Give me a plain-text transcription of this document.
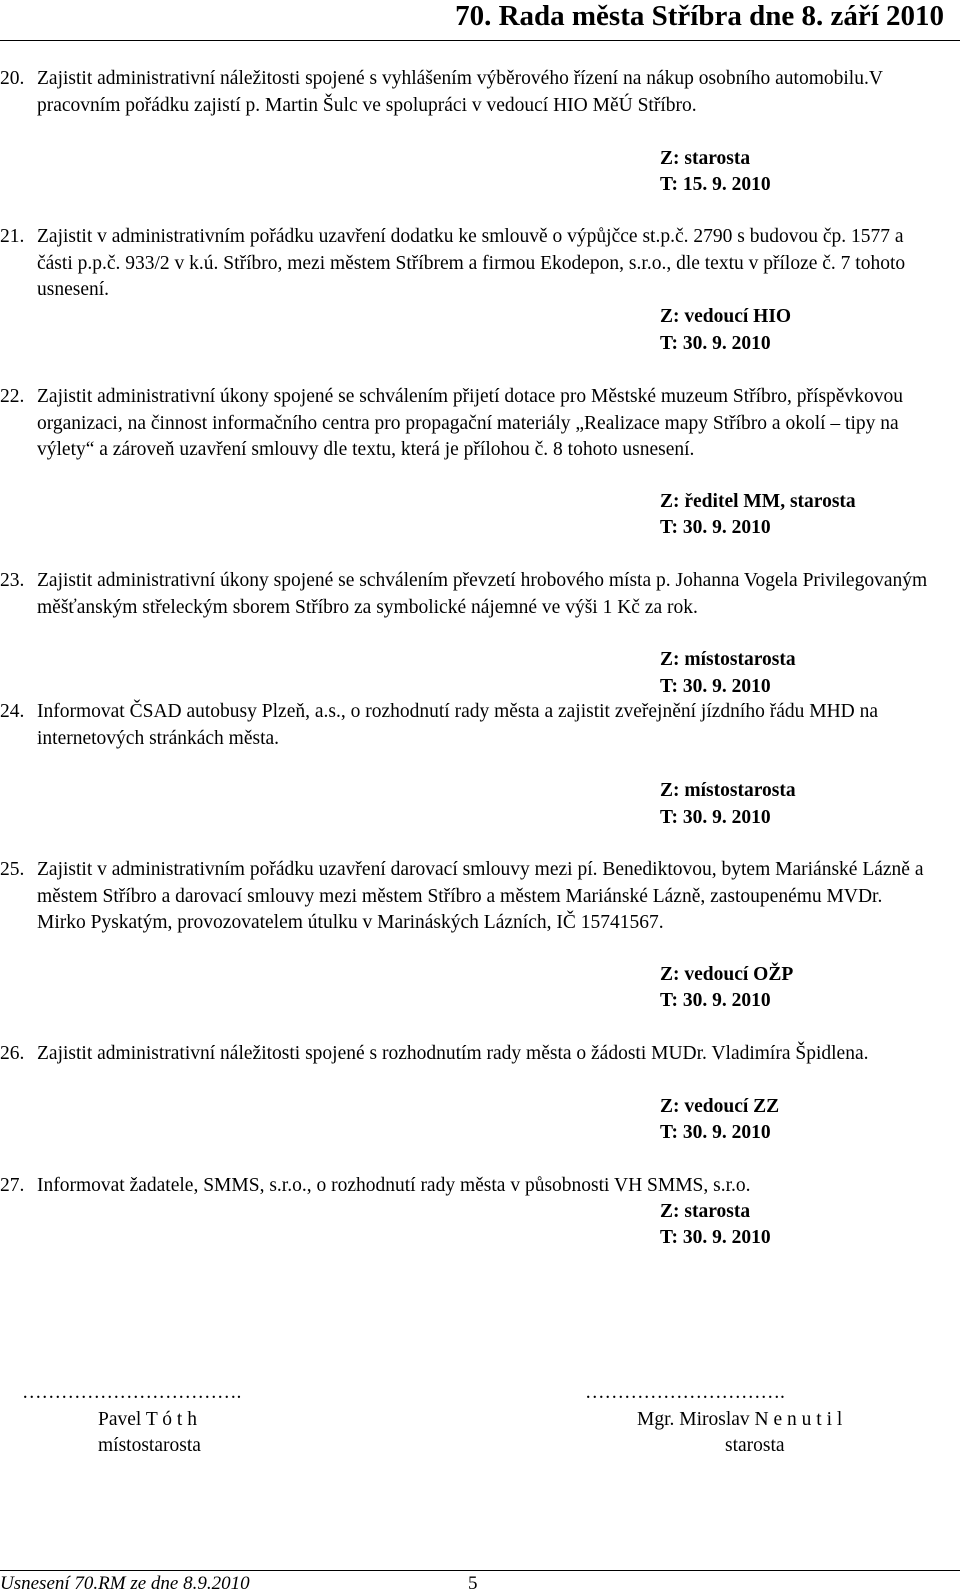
70. Rada města Stříbra dne 8. září 2010
20. Zajistit administrativní náležitosti spojené s vyhlášením výběrového řízení na nákup osobního automobilu.V pracovním pořádku zajistí p. Martin Šulc ve spolupráci v vedoucí HIO MěÚ Stříbro.
Z: starosta
T: 15. 9. 2010
21. Zajistit v administrativním pořádku uzavření dodatku ke smlouvě o výpůjčce st.p.č. 2790 s budovou čp. 1577 a části p.p.č. 933/2 v k.ú. Stříbro, mezi městem Stříbrem a firmou Ekodepon, s.r.o., dle textu v příloze č. 7 tohoto usnesení.
Z: vedoucí HIO
T: 30. 9. 2010
22. Zajistit administrativní úkony spojené se schválením přijetí dotace pro Městské muzeum Stříbro, příspěvkovou organizaci, na činnost informačního centra pro propagační materiály „Realizace mapy Stříbro a okolí – tipy na výlety“ a zároveň uzavření smlouvy dle textu, která je přílohou č. 8 tohoto usnesení.
Z: ředitel MM, starosta
T: 30. 9. 2010
23. Zajistit administrativní úkony spojené se schválením převzetí hrobového místa p. Johanna Vogela Privilegovaným měšťanským střeleckým sborem Stříbro za symbolické nájemné ve výši 1 Kč za rok.
Z: místostarosta
T: 30. 9. 2010
24. Informovat ČSAD autobusy Plzeň, a.s., o rozhodnutí rady města a zajistit zveřejnění jízdního řádu MHD na internetových stránkách města.
Z: místostarosta
T: 30. 9. 2010
25. Zajistit v administrativním pořádku uzavření darovací smlouvy mezi pí. Benediktovou, bytem Mariánské Lázně a městem Stříbro a darovací smlouvy mezi městem Stříbro a městem Mariánské Lázně, zastoupenému MVDr. Mirko Pyskatým, provozovatelem útulku v Marináských Lázních, IČ 15741567.
Z: vedoucí OŽP
T: 30. 9. 2010
26. Zajistit administrativní náležitosti spojené s rozhodnutím rady města o žádosti MUDr. Vladimíra Špidlena.
Z: vedoucí ZZ
T: 30. 9. 2010
27. Informovat žadatele, SMMS, s.r.o., o rozhodnutí rady města v působnosti VH SMMS, s.r.o.
Z: starosta
T: 30. 9. 2010
…………………………….
Pavel T ó t h
místostarosta
………………………….
Mgr. Miroslav N e n u t i l
starosta
Usnesení 70.RM ze dne 8.9.2010	5
